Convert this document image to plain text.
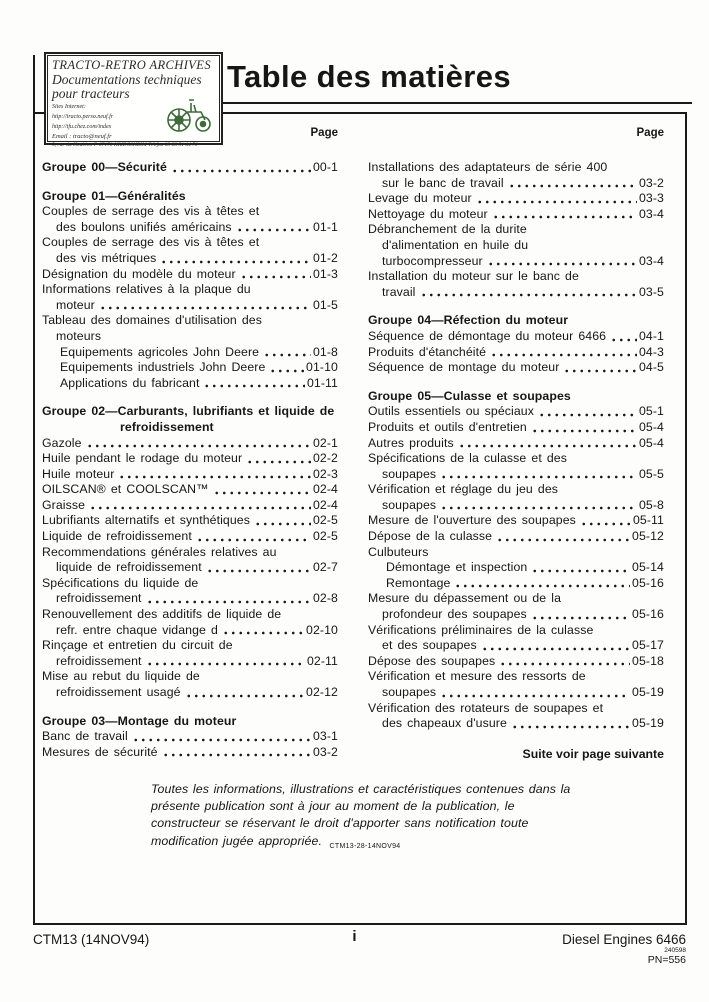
Table des matières
TRACTO-RETRO ARCHIVES
Documentations techniques
pour tracteurs
Sites Internet:
http://tracto.perso.neuf.fr
http://tfu.chez.com/index
Email : tracto@neuf.fr
5, rue du Houblon F-67170 KRIEGSHEIM Tél/fax 03 88 51 44 70
Page
Groupe 00—Sécurité	00-1
Groupe 01—Généralités
Couples de serrage des vis à têtes et
des boulons unifiés américains	01-1
Couples de serrage des vis à têtes et
des vis métriques	01-2
Désignation du modèle du moteur	01-3
Informations relatives à la plaque du
moteur	01-5
Tableau des domaines d'utilisation des
moteurs
Equipements agricoles John Deere	01-8
Equipements industriels John Deere	01-10
Applications du fabricant	01-11
Groupe 02—Carburants, lubrifiants et liquide de
refroidissement
Gazole	02-1
Huile pendant le rodage du moteur	02-2
Huile moteur	02-3
OILSCAN® et COOLSCAN™	02-4
Graisse	02-4
Lubrifiants alternatifs et synthétiques	02-5
Liquide de refroidissement	02-5
Recommendations générales relatives au
liquide de refroidissement	02-7
Spécifications du liquide de
refroidissement	02-8
Renouvellement des additifs de liquide de
refr. entre chaque vidange d	02-10
Rinçage et entretien du circuit de
refroidissement	02-11
Mise au rebut du liquide de
refroidissement usagé	02-12
Groupe 03—Montage du moteur
Banc de travail	03-1
Mesures de sécurité	03-2
Page
Installations des adaptateurs de série 400
sur le banc de travail	03-2
Levage du moteur	03-3
Nettoyage du moteur	03-4
Débranchement de la durite
d'alimentation en huile du
turbocompresseur	03-4
Installation du moteur sur le banc de
travail	03-5
Groupe 04—Réfection du moteur
Séquence de démontage du moteur 6466	04-1
Produits d'étanchéité	04-3
Séquence de montage du moteur	04-5
Groupe 05—Culasse et soupapes
Outils essentiels ou spéciaux	05-1
Produits et outils d'entretien	05-4
Autres produits	05-4
Spécifications de la culasse et des
soupapes	05-5
Vérification et réglage du jeu des
soupapes	05-8
Mesure de l'ouverture des soupapes	05-11
Dépose de la culasse	05-12
Culbuteurs
Démontage et inspection	05-14
Remontage	05-16
Mesure du dépassement ou de la
profondeur des soupapes	05-16
Vérifications préliminaires de la culasse
et des soupapes	05-17
Dépose des soupapes	05-18
Vérification et mesure des ressorts de
soupapes	05-19
Vérification des rotateurs de soupapes et
des chapeaux d'usure	05-19
Suite voir page suivante
Toutes les informations, illustrations et caractéristiques contenues dans la présente publication sont à jour au moment de la publication, le constructeur se réservant le droit d'apporter sans notification toute modification jugée appropriée.	CTM13-28-14NOV94
CTM13 (14NOV94)	i	Diesel Engines 6466
240598
PN=556
